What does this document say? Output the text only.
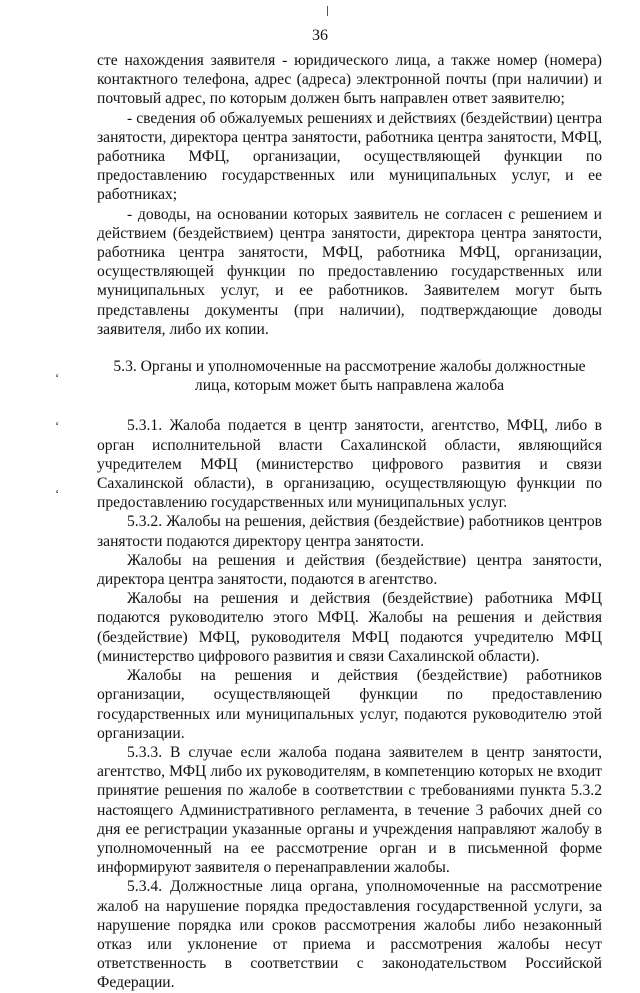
36
‘
‘
‘

сте нахождения заявителя - юридического лица, а также номер (номера) контактного телефона, адрес (адреса) электронной почты (при наличии) и почтовый адрес, по которым должен быть направлен ответ заявителю;

- сведения об обжалуемых решениях и действиях (бездействии) центра занятости, директора центра занятости, работника центра занятости, МФЦ, работника МФЦ, организации, осуществляющей функции по предоставлению государственных или муниципальных услуг, и ее работниках;

- доводы, на основании которых заявитель не согласен с решением и действием (бездействием) центра занятости, директора центра занятости, работника центра занятости, МФЦ, работника МФЦ, организации, осуществляющей функции по предоставлению государственных или муниципальных услуг, и ее работников. Заявителем могут быть представлены документы (при наличии), подтверждающие доводы заявителя, либо их копии.

5.3. Органы и уполномоченные на рассмотрение жалобы должностные лица, которым может быть направлена жалоба

5.3.1. Жалоба подается в центр занятости, агентство, МФЦ, либо в орган исполнительной власти Сахалинской области, являющийся учредителем МФЦ (министерство цифрового развития и связи Сахалинской области), в организацию, осуществляющую функции по предоставлению государственных или муниципальных услуг.

5.3.2. Жалобы на решения, действия (бездействие) работников центров занятости подаются директору центра занятости.

Жалобы на решения и действия (бездействие) центра занятости, директора центра занятости, подаются в агентство.

Жалобы на решения и действия (бездействие) работника МФЦ подаются руководителю этого МФЦ. Жалобы на решения и действия (бездействие) МФЦ, руководителя МФЦ подаются учредителю МФЦ (министерство цифрового развития и связи Сахалинской области).

Жалобы на решения и действия (бездействие) работников организации, осуществляющей функции по предоставлению государственных или муниципальных услуг, подаются руководителю этой организации.

5.3.3. В случае если жалоба подана заявителем в центр занятости, агентство, МФЦ либо их руководителям, в компетенцию которых не входит принятие решения по жалобе в соответствии с требованиями пункта 5.3.2 настоящего Административного регламента, в течение 3 рабочих дней со дня ее регистрации указанные органы и учреждения направляют жалобу в уполномоченный на ее рассмотрение орган и в письменной форме информируют заявителя о перенаправлении жалобы.

5.3.4. Должностные лица органа, уполномоченные на рассмотрение жалоб на нарушение порядка предоставления государственной услуги, за нарушение порядка или сроков рассмотрения жалобы либо незаконный отказ или уклонение от приема и рассмотрения жалобы несут ответственность в соответствии с законодательством Российской Федерации.
